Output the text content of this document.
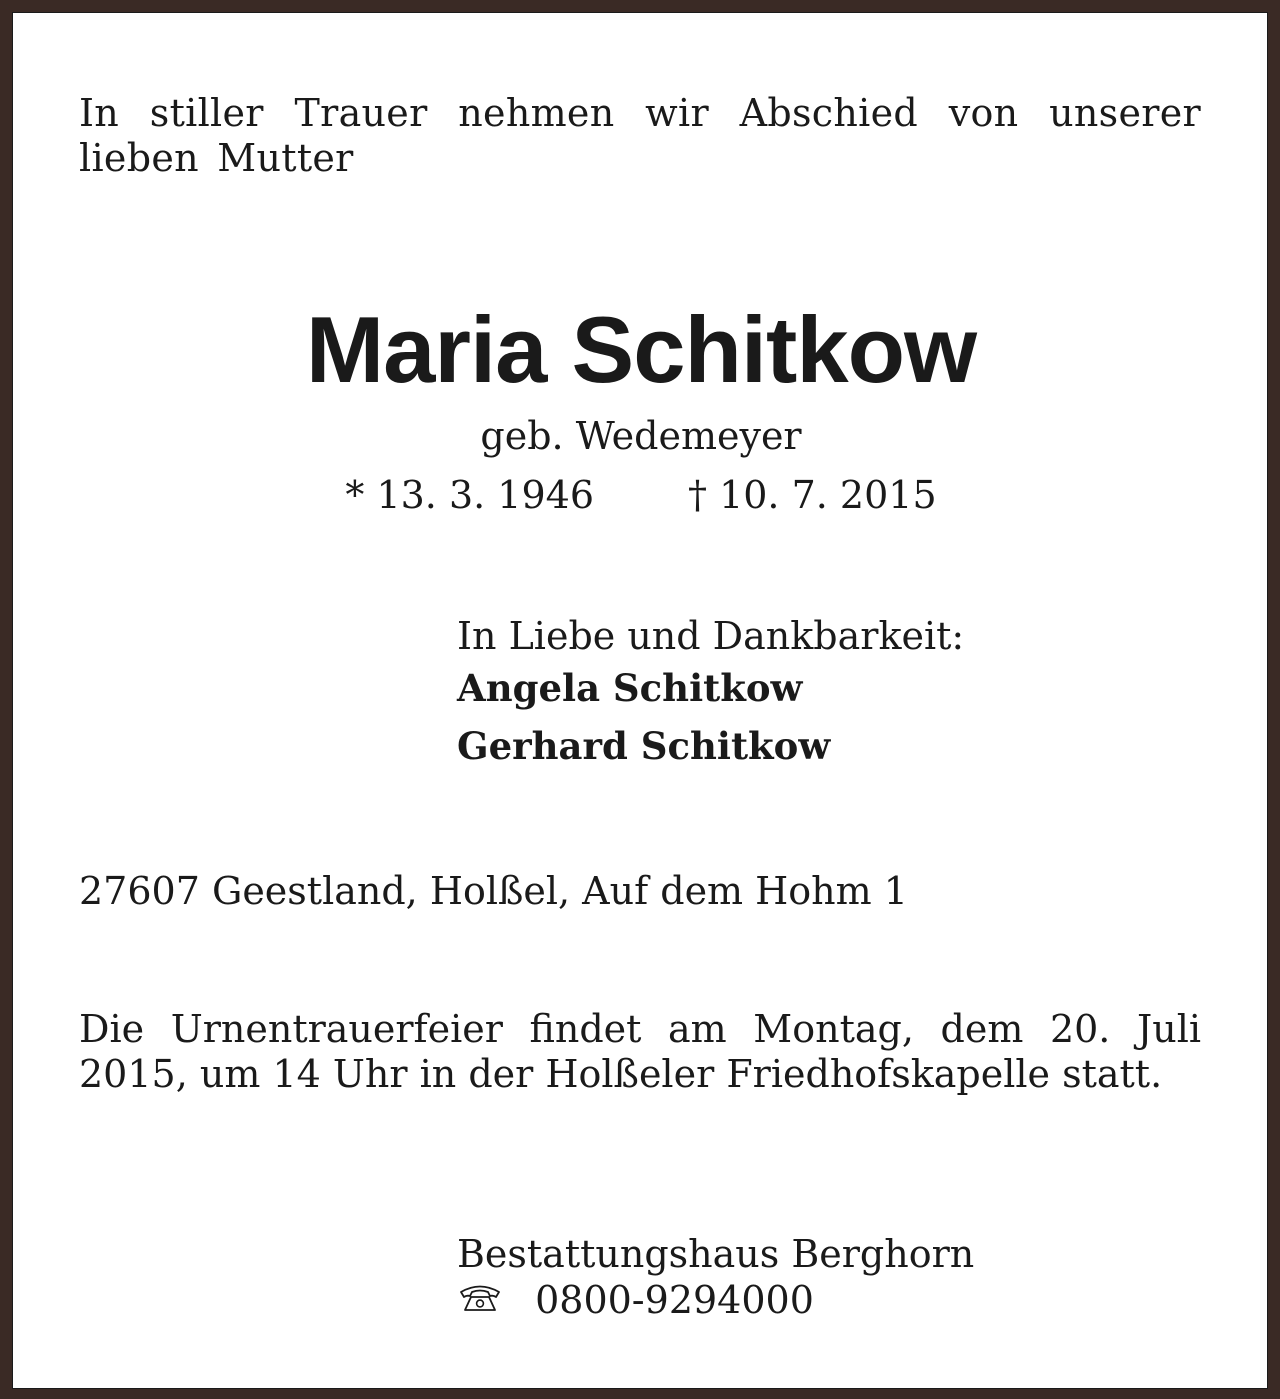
In stiller Trauer nehmen wir Abschied von unserer lieben Mutter

Maria Schitkow
geb. Wedemeyer
* 13. 3. 1946 † 10. 7. 2015
In Liebe und Dankbarkeit:
Angela Schitkow
Gerhard Schitkow
27607 Geestland, Holßel, Auf dem Hohm 1

Die Urnentrauerfeier findet am Montag, dem 20. Juli 2015, um 14 Uhr in der Holßeler Friedhofskapelle statt.

Bestattungshaus Berghorn
0800-9294000
